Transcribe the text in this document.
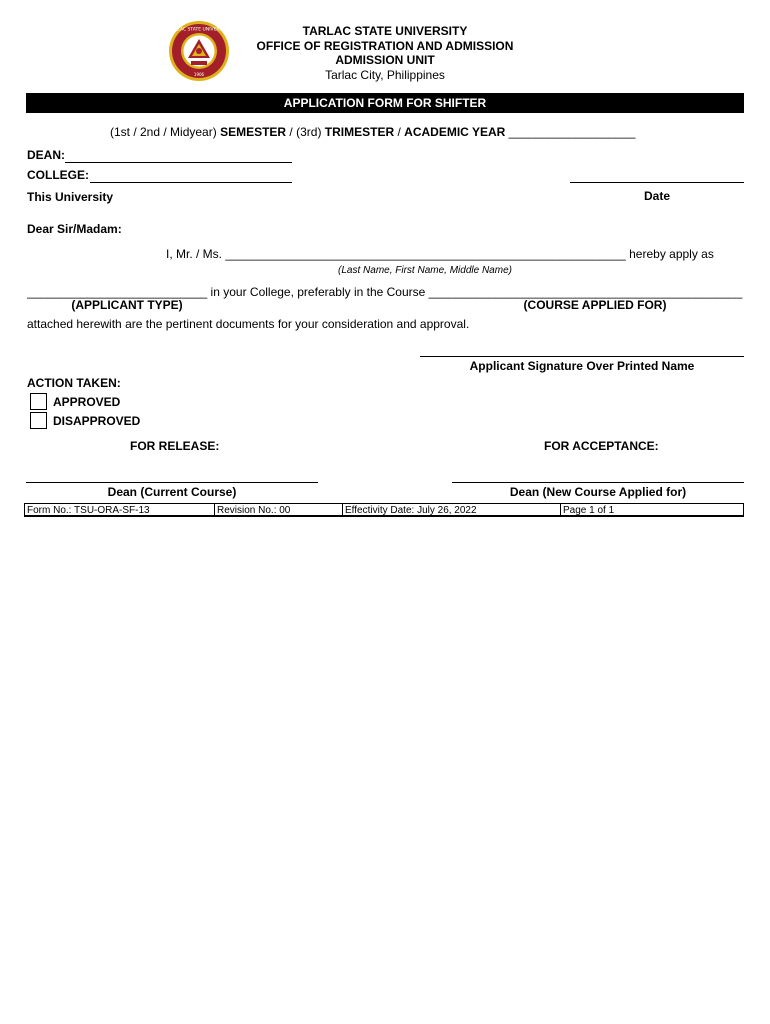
TARLAC STATE UNIVERSITY
1906
TARLAC STATE UNIVERSITY
OFFICE OF REGISTRATION AND ADMISSION
ADMISSION UNIT
Tarlac City, Philippines
APPLICATION FORM FOR SHIFTER
(1st / 2nd / Midyear) SEMESTER / (3rd) TRIMESTER / ACADEMIC YEAR ___________________
DEAN:
COLLEGE:
This University	Date
Dear Sir/Madam:
I, Mr. / Ms. ____________________________________________________________ hereby apply as
(Last Name, First Name, Middle Name)
___________________________ in your College, preferably in the Course _______________________________________________
(APPLICANT TYPE)	(COURSE APPLIED FOR)
attached herewith are the pertinent documents for your consideration and approval.
Applicant Signature Over Printed Name
ACTION TAKEN:
APPROVED
DISAPPROVED
FOR RELEASE:	FOR ACCEPTANCE:
Dean (Current Course)	Dean (New Course Applied for)
Form No.: TSU-ORA-SF-13	Revision No.: 00	Effectivity Date: July 26, 2022	Page 1 of 1
